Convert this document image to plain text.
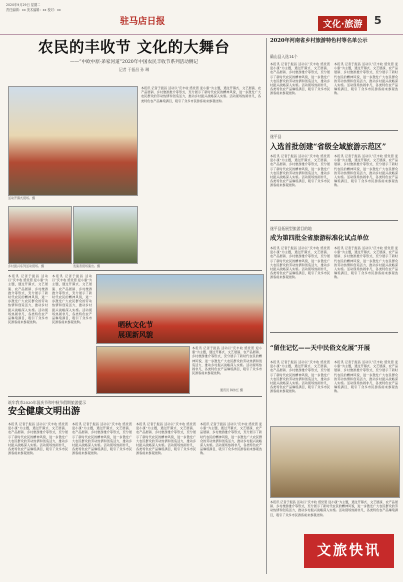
2020年9月29日 星期二
责任编辑：xx 美术编辑：xx 校对：xx
驻马店日报	文化·旅游	5
农民的丰收节 文化的大舞台
——“中欧中原·弟家河道”2020年中国农民丰收节系列活动侧记
记者 于振昌 孙 琳
活动开幕式现场。摄
本报讯 记者于振昌 活动以“庆丰收 感党恩 迎小康”为主题，通过开幕式、文艺展演、农产品展销、乡村旅游推介等形式，充分展示了新时代农民的精神风貌，进一步激发广大农民群众的劳动热情和创造活力，推动乡村振兴战略深入实施。活动现场热闹非凡，各类特色农产品琳琅满目，吸引了众多市民游客前来参观选购。
乡村振兴系列活动现场。摄	表演者现场演出。摄
本报讯 记者于振昌 活动以“庆丰收 感党恩 迎小康”为主题，通过开幕式、文艺展演、农产品展销、乡村旅游推介等形式，充分展示了新时代农民的精神风貌，进一步激发广大农民群众的劳动热情和创造活力，推动乡村振兴战略深入实施。活动现场热闹非凡，各类特色农产品琳琅满目，吸引了众多市民游客前来参观选购。
本报讯 记者于振昌 活动以“庆丰收 感党恩 迎小康”为主题，通过开幕式、文艺展演、农产品展销、乡村旅游推介等形式，充分展示了新时代农民的精神风貌，进一步激发广大农民群众的劳动热情和创造活力，推动乡村振兴战略深入实施。活动现场热闹非凡，各类特色农产品琳琅满目，吸引了众多市民游客前来参观选购。	晒秋文化节
展现新风貌
本报讯 记者于振昌 活动以“庆丰收 感党恩 迎小康”为主题，通过开幕式、文艺展演、农产品展销、乡村旅游推介等形式，充分展示了新时代农民的精神风貌，进一步激发广大农民群众的劳动热情和创造活力，推动乡村振兴战略深入实施。活动现场热闹非凡，各类特色农产品琳琅满目，吸引了众多市民游客前来参观选购。
通讯员 韩伟红 摄
筑牢我市2020年国庆节和中秋节假期旅游提示
安全健康文明出游
本报讯 记者于振昌 活动以“庆丰收 感党恩 迎小康”为主题，通过开幕式、文艺展演、农产品展销、乡村旅游推介等形式，充分展示了新时代农民的精神风貌，进一步激发广大农民群众的劳动热情和创造活力，推动乡村振兴战略深入实施。活动现场热闹非凡，各类特色农产品琳琅满目，吸引了众多市民游客前来参观选购。
本报讯 记者于振昌 活动以“庆丰收 感党恩 迎小康”为主题，通过开幕式、文艺展演、农产品展销、乡村旅游推介等形式，充分展示了新时代农民的精神风貌，进一步激发广大农民群众的劳动热情和创造活力，推动乡村振兴战略深入实施。活动现场热闹非凡，各类特色农产品琳琅满目，吸引了众多市民游客前来参观选购。
本报讯 记者于振昌 活动以“庆丰收 感党恩 迎小康”为主题，通过开幕式、文艺展演、农产品展销、乡村旅游推介等形式，充分展示了新时代农民的精神风貌，进一步激发广大农民群众的劳动热情和创造活力，推动乡村振兴战略深入实施。活动现场热闹非凡，各类特色农产品琳琅满目，吸引了众多市民游客前来参观选购。
本报讯 记者于振昌 活动以“庆丰收 感党恩 迎小康”为主题，通过开幕式、文艺展演、农产品展销、乡村旅游推介等形式，充分展示了新时代农民的精神风貌，进一步激发广大农民群众的劳动热情和创造活力，推动乡村振兴战略深入实施。活动现场热闹非凡，各类特色农产品琳琅满目，吸引了众多市民游客前来参观选购。
2020年河南省乡村旅游特色村等名单公示
确山县入选14个
本报讯 记者于振昌 活动以“庆丰收 感党恩 迎小康”为主题，通过开幕式、文艺展演、农产品展销、乡村旅游推介等形式，充分展示了新时代农民的精神风貌，进一步激发广大农民群众的劳动热情和创造活力，推动乡村振兴战略深入实施。活动现场热闹非凡，各类特色农产品琳琅满目，吸引了众多市民游客前来参观选购。
本报讯 记者于振昌 活动以“庆丰收 感党恩 迎小康”为主题，通过开幕式、文艺展演、农产品展销、乡村旅游推介等形式，充分展示了新时代农民的精神风貌，进一步激发广大农民群众的劳动热情和创造活力，推动乡村振兴战略深入实施。活动现场热闹非凡，各类特色农产品琳琅满目，吸引了众多市民游客前来参观选购。
遂平县
入选首批创建“省级全域旅游示范区”
本报讯 记者于振昌 活动以“庆丰收 感党恩 迎小康”为主题，通过开幕式、文艺展演、农产品展销、乡村旅游推介等形式，充分展示了新时代农民的精神风貌，进一步激发广大农民群众的劳动热情和创造活力，推动乡村振兴战略深入实施。活动现场热闹非凡，各类特色农产品琳琅满目，吸引了众多市民游客前来参观选购。
本报讯 记者于振昌 活动以“庆丰收 感党恩 迎小康”为主题，通过开幕式、文艺展演、农产品展销、乡村旅游推介等形式，充分展示了新时代农民的精神风貌，进一步激发广大农民群众的劳动热情和创造活力，推动乡村振兴战略深入实施。活动现场热闹非凡，各类特色农产品琳琅满目，吸引了众多市民游客前来参观选购。
遂平县拓展型旅游目的地
成为第四批全省旅游标准化试点单位
本报讯 记者于振昌 活动以“庆丰收 感党恩 迎小康”为主题，通过开幕式、文艺展演、农产品展销、乡村旅游推介等形式，充分展示了新时代农民的精神风貌，进一步激发广大农民群众的劳动热情和创造活力，推动乡村振兴战略深入实施。活动现场热闹非凡，各类特色农产品琳琅满目，吸引了众多市民游客前来参观选购。
本报讯 记者于振昌 活动以“庆丰收 感党恩 迎小康”为主题，通过开幕式、文艺展演、农产品展销、乡村旅游推介等形式，充分展示了新时代农民的精神风貌，进一步激发广大农民群众的劳动热情和创造活力，推动乡村振兴战略深入实施。活动现场热闹非凡，各类特色农产品琳琅满目，吸引了众多市民游客前来参观选购。
“留住记忆——天中民俗文化展”开展
本报讯 记者于振昌 活动以“庆丰收 感党恩 迎小康”为主题，通过开幕式、文艺展演、农产品展销、乡村旅游推介等形式，充分展示了新时代农民的精神风貌，进一步激发广大农民群众的劳动热情和创造活力，推动乡村振兴战略深入实施。活动现场热闹非凡，各类特色农产品琳琅满目，吸引了众多市民游客前来参观选购。
本报讯 记者于振昌 活动以“庆丰收 感党恩 迎小康”为主题，通过开幕式、文艺展演、农产品展销、乡村旅游推介等形式，充分展示了新时代农民的精神风貌，进一步激发广大农民群众的劳动热情和创造活力，推动乡村振兴战略深入实施。活动现场热闹非凡，各类特色农产品琳琅满目，吸引了众多市民游客前来参观选购。
本报讯 记者于振昌 活动以“庆丰收 感党恩 迎小康”为主题，通过开幕式、文艺展演、农产品展销、乡村旅游推介等形式，充分展示了新时代农民的精神风貌，进一步激发广大农民群众的劳动热情和创造活力，推动乡村振兴战略深入实施。活动现场热闹非凡，各类特色农产品琳琅满目，吸引了众多市民游客前来参观选购。
文旅快讯
